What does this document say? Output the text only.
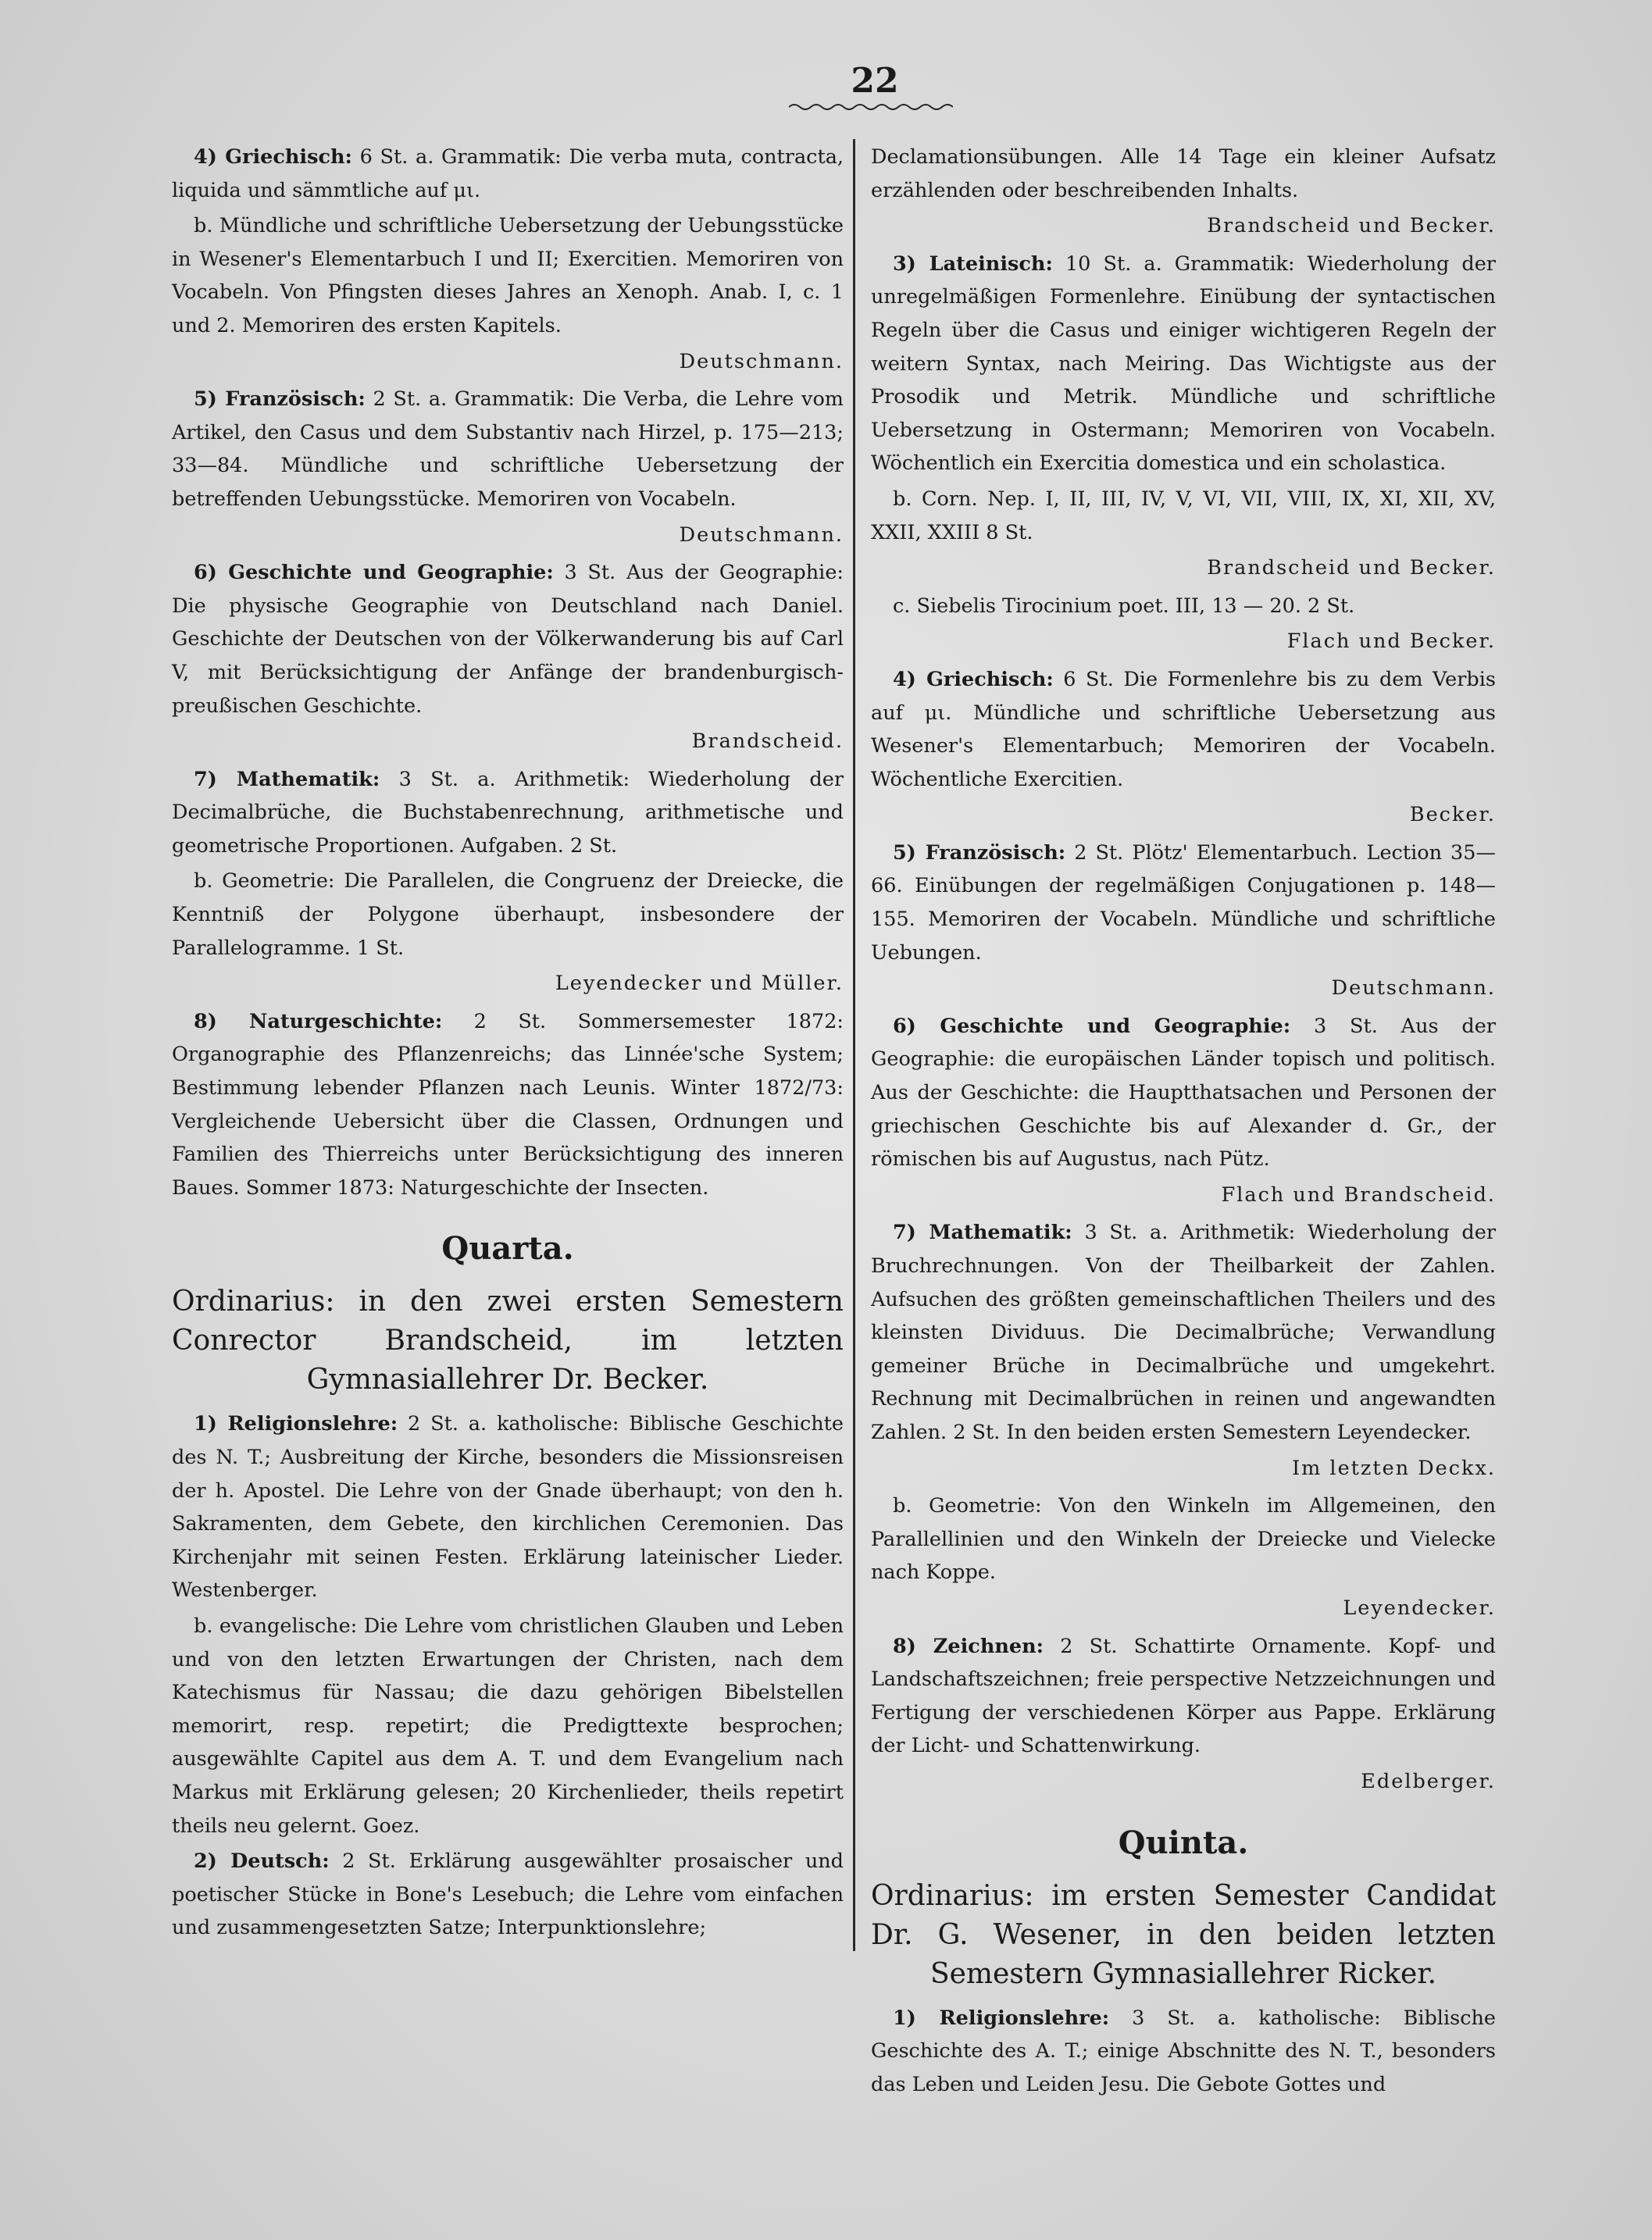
22

4) Griechisch: 6 St. a. Grammatik: Die verba muta, contracta, liquida und sämmtliche auf μι.

b. Mündliche und schriftliche Uebersetzung der Uebungsstücke in Wesener's Elementarbuch I und II; Exercitien. Memoriren von Vocabeln. Von Pfingsten dieses Jahres an Xenoph. Anab. I, c. 1 und 2. Memoriren des ersten Kapitels.

Deutschmann.

5) Französisch: 2 St. a. Grammatik: Die Verba, die Lehre vom Artikel, den Casus und dem Substantiv nach Hirzel, p. 175—213; 33—84. Mündliche und schriftliche Uebersetzung der betreffenden Uebungsstücke. Memoriren von Vocabeln.

Deutschmann.

6) Geschichte und Geographie: 3 St. Aus der Geographie: Die physische Geographie von Deutschland nach Daniel. Geschichte der Deutschen von der Völkerwanderung bis auf Carl V, mit Berücksichtigung der Anfänge der brandenburgisch-preußischen Geschichte.

Brandscheid.

7) Mathematik: 3 St. a. Arithmetik: Wiederholung der Decimalbrüche, die Buchstabenrechnung, arithmetische und geometrische Proportionen. Aufgaben. 2 St.

b. Geometrie: Die Parallelen, die Congruenz der Dreiecke, die Kenntniß der Polygone überhaupt, insbesondere der Parallelogramme. 1 St.

Leyendecker und Müller.

8) Naturgeschichte: 2 St. Sommersemester 1872: Organographie des Pflanzenreichs; das Linnée'sche System; Bestimmung lebender Pflanzen nach Leunis. Winter 1872/73: Vergleichende Uebersicht über die Classen, Ordnungen und Familien des Thierreichs unter Berücksichtigung des inneren Baues. Sommer 1873: Naturgeschichte der Insecten.

Quarta.
Ordinarius: in den zwei ersten Semestern Conrector Brandscheid, im letzten Gymnasiallehrer Dr. Becker.

1) Religionslehre: 2 St. a. katholische: Biblische Geschichte des N. T.; Ausbreitung der Kirche, besonders die Missionsreisen der h. Apostel. Die Lehre von der Gnade überhaupt; von den h. Sakramenten, dem Gebete, den kirchlichen Ceremonien. Das Kirchenjahr mit seinen Festen. Erklärung lateinischer Lieder. Westenberger.

b. evangelische: Die Lehre vom christlichen Glauben und Leben und von den letzten Erwartungen der Christen, nach dem Katechismus für Nassau; die dazu gehörigen Bibelstellen memorirt, resp. repetirt; die Predigttexte besprochen; ausgewählte Capitel aus dem A. T. und dem Evangelium nach Markus mit Erklärung gelesen; 20 Kirchenlieder, theils repetirt theils neu gelernt. Goez.

2) Deutsch: 2 St. Erklärung ausgewählter prosaischer und poetischer Stücke in Bone's Lesebuch; die Lehre vom einfachen und zusammengesetzten Satze; Interpunktionslehre;

Declamationsübungen. Alle 14 Tage ein kleiner Aufsatz erzählenden oder beschreibenden Inhalts.

Brandscheid und Becker.

3) Lateinisch: 10 St. a. Grammatik: Wiederholung der unregelmäßigen Formenlehre. Einübung der syntactischen Regeln über die Casus und einiger wichtigeren Regeln der weitern Syntax, nach Meiring. Das Wichtigste aus der Prosodik und Metrik. Mündliche und schriftliche Uebersetzung in Ostermann; Memoriren von Vocabeln. Wöchentlich ein Exercitia domestica und ein scholastica.

b. Corn. Nep. I, II, III, IV, V, VI, VII, VIII, IX, XI, XII, XV, XXII, XXIII 8 St.

Brandscheid und Becker.

c. Siebelis Tirocinium poet. III, 13 — 20. 2 St.

Flach und Becker.

4) Griechisch: 6 St. Die Formenlehre bis zu dem Verbis auf μι. Mündliche und schriftliche Uebersetzung aus Wesener's Elementarbuch; Memoriren der Vocabeln. Wöchentliche Exercitien.

Becker.

5) Französisch: 2 St. Plötz' Elementarbuch. Lection 35—66. Einübungen der regelmäßigen Conjugationen p. 148—155. Memoriren der Vocabeln. Mündliche und schriftliche Uebungen.

Deutschmann.

6) Geschichte und Geographie: 3 St. Aus der Geographie: die europäischen Länder topisch und politisch. Aus der Geschichte: die Hauptthatsachen und Personen der griechischen Geschichte bis auf Alexander d. Gr., der römischen bis auf Augustus, nach Pütz.

Flach und Brandscheid.

7) Mathematik: 3 St. a. Arithmetik: Wiederholung der Bruchrechnungen. Von der Theilbarkeit der Zahlen. Aufsuchen des größten gemeinschaftlichen Theilers und des kleinsten Dividuus. Die Decimalbrüche; Verwandlung gemeiner Brüche in Decimalbrüche und umgekehrt. Rechnung mit Decimalbrüchen in reinen und angewandten Zahlen. 2 St. In den beiden ersten Semestern Leyendecker.

Im letzten Deckx.

b. Geometrie: Von den Winkeln im Allgemeinen, den Parallellinien und den Winkeln der Dreiecke und Vielecke nach Koppe.

Leyendecker.

8) Zeichnen: 2 St. Schattirte Ornamente. Kopf- und Landschaftszeichnen; freie perspective Netzzeichnungen und Fertigung der verschiedenen Körper aus Pappe. Erklärung der Licht- und Schattenwirkung.

Edelberger.
Quinta.
Ordinarius: im ersten Semester Candidat Dr. G. Wesener, in den beiden letzten Semestern Gymnasiallehrer Ricker.

1) Religionslehre: 3 St. a. katholische: Biblische Geschichte des A. T.; einige Abschnitte des N. T., besonders das Leben und Leiden Jesu. Die Gebote Gottes und
